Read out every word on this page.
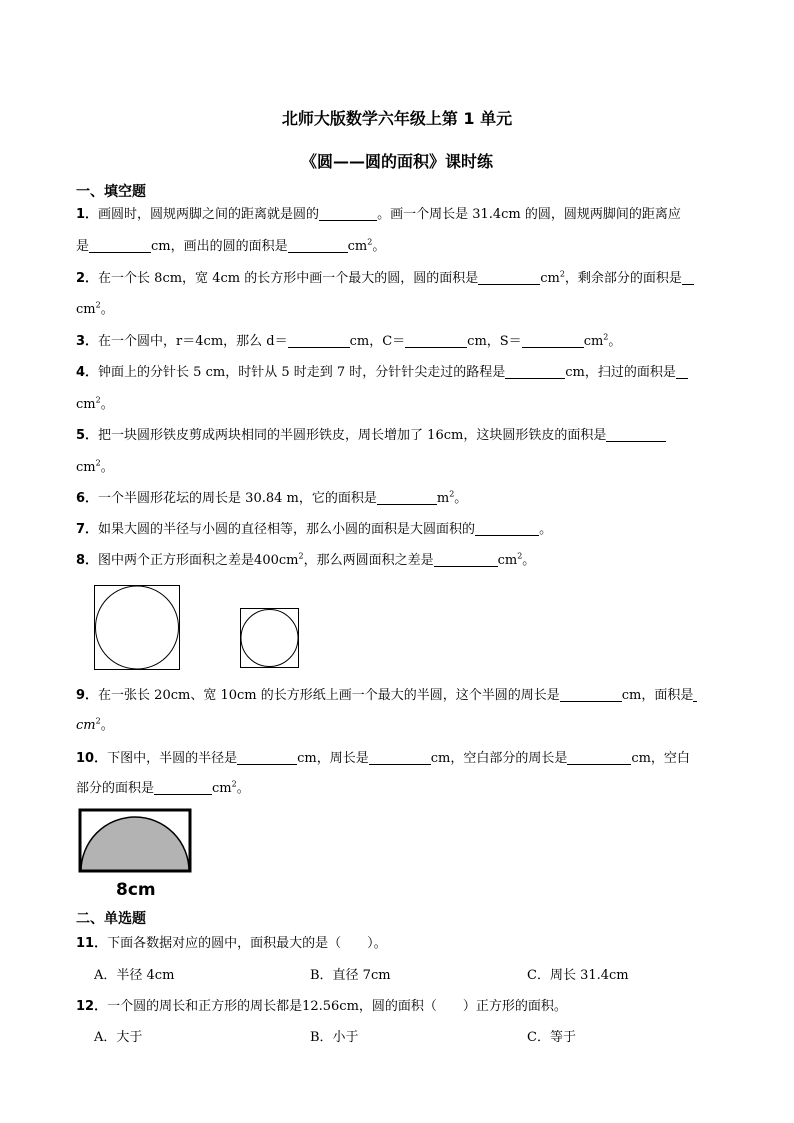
北师大版数学六年级上第 1 单元
《圆——圆的面积》课时练
一、填空题
1．画圆时，圆规两脚之间的距离就是圆的	。画一个周长是 31.4cm 的圆，圆规两脚间的距离应
是	cm，画出的圆的面积是	$cm^2$。
2．在一个长 8cm，宽 4cm 的长方形中画一个最大的圆，圆的面积是	$cm^2$，剩余部分的面积是
$cm^2$。
3．在一个圆中，r＝4cm，那么 d＝	cm，C＝	cm，S＝	$cm^2$。
4．钟面上的分针长 5 cm，时针从 5 时走到 7 时，分针针尖走过的路程是	cm，扫过的面积是
$cm^2$。
5．把一块圆形铁皮剪成两块相同的半圆形铁皮，周长增加了 16cm，这块圆形铁皮的面积是
$cm^2$。
6．一个半圆形花坛的周长是 30.84 m，它的面积是	$m^2$。
7．如果大圆的半径与小圆的直径相等，那么小圆的面积是大圆面积的	。
8．图中两个正方形面积之差是$400cm^2$，那么两圆面积之差是	$cm^2$。
9．在一张长 20cm、宽 10cm 的长方形纸上画一个最大的半圆，这个半圆的周长是	cm，面积是
$cm^2$。
10．下图中，半圆的半径是	cm，周长是	cm，空白部分的周长是	cm，空白
部分的面积是	$cm^2$。
8cm
二、单选题
11．下面各数据对应的圆中，面积最大的是（　　）。
A．半径 4cm	B．直径 7cm	C．周长 31.4cm
12．一个圆的周长和正方形的周长都是12.56cm，圆的面积（　　）正方形的面积。
A．大于	B．小于	C．等于
